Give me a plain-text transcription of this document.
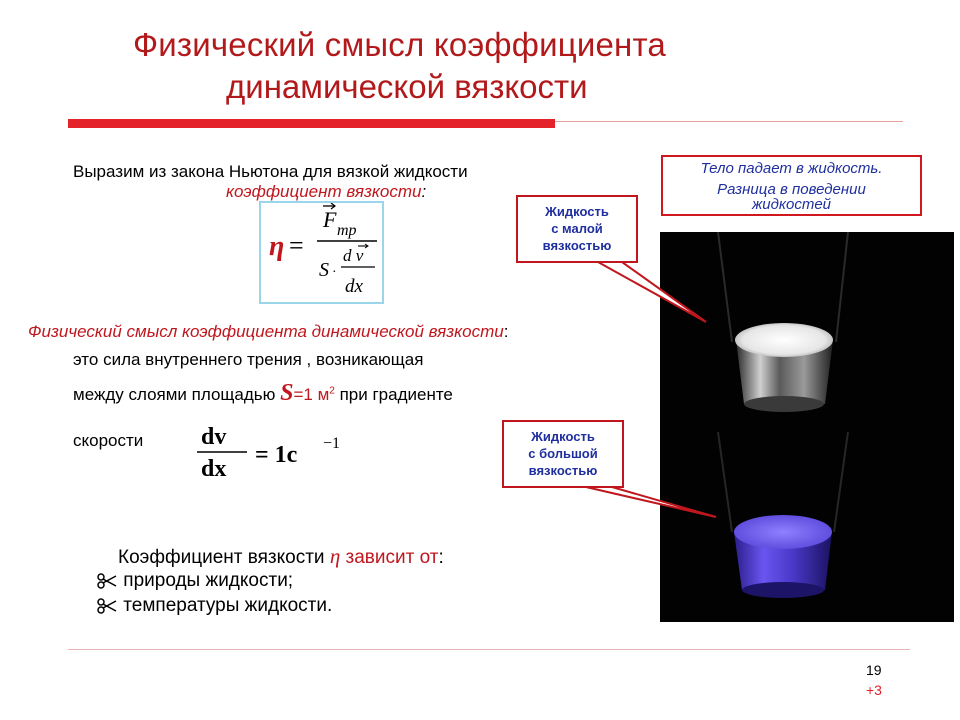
Физический смысл коэффициента
динамической вязкости
Выразим из закона Ньютона для вязкой жидкости
коэффициент вязкости:
η =
F тр
S ·
d v
dx
Физический смысл коэффициента динамической вязкости:
это сила внутреннего трения , возникающая
между слоями площадью S=1 $м^2$ при градиенте
скорости dv
dx
= 1c −1
Коэффициент вязкости η зависит от:
природы жидкости;
температуры жидкости.
Тело падает в жидкость.
Разница в поведении
жидкостей
Жидкость
с малой
вязкостью
Жидкость
с большой
вязкостью
19
+3
